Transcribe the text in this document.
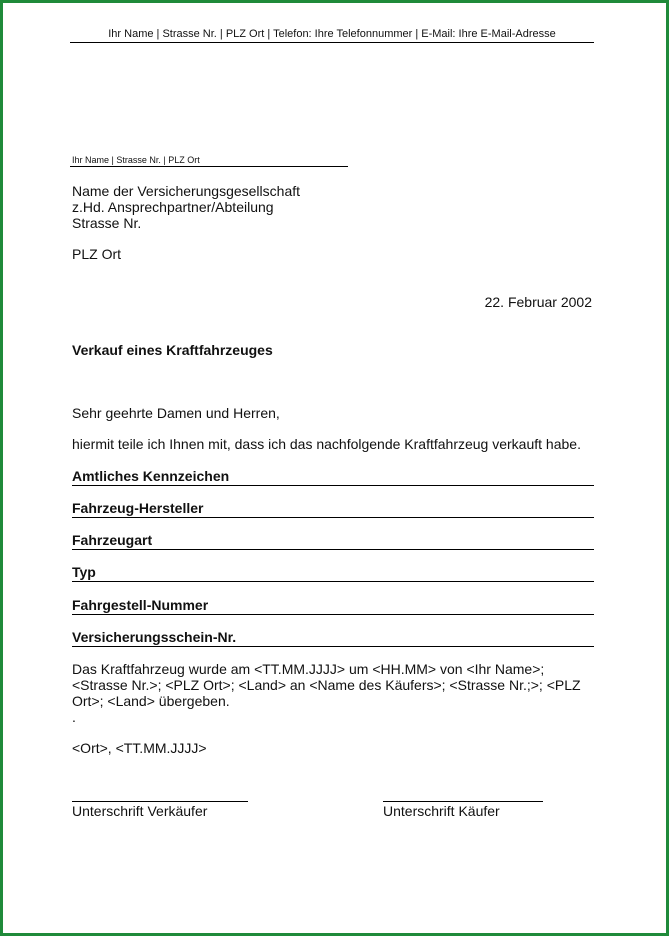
Ihr Name | Strasse Nr. | PLZ Ort | Telefon: Ihre Telefonnummer | E-Mail: Ihre E-Mail-Adresse
Ihr Name | Strasse Nr. | PLZ Ort
Name der Versicherungsgesellschaft
z.Hd. Ansprechpartner/Abteilung
Strasse Nr.
PLZ Ort
22. Februar 2002
Verkauf eines Kraftfahrzeuges
Sehr geehrte Damen und Herren,
hiermit teile ich Ihnen mit, dass ich das nachfolgende Kraftfahrzeug verkauft habe.
Amtliches Kennzeichen
Fahrzeug-Hersteller
Fahrzeugart
Typ
Fahrgestell-Nummer
Versicherungsschein-Nr.
Das Kraftfahrzeug wurde am <TT.MM.JJJJ> um <HH.MM> von <Ihr Name>; <Strasse Nr.>; <PLZ Ort>; <Land> an <Name des Käufers>; <Strasse Nr.;>; <PLZ Ort>; <Land> übergeben.
.
<Ort>, <TT.MM.JJJJ>
Unterschrift Verkäufer	Unterschrift Käufer
